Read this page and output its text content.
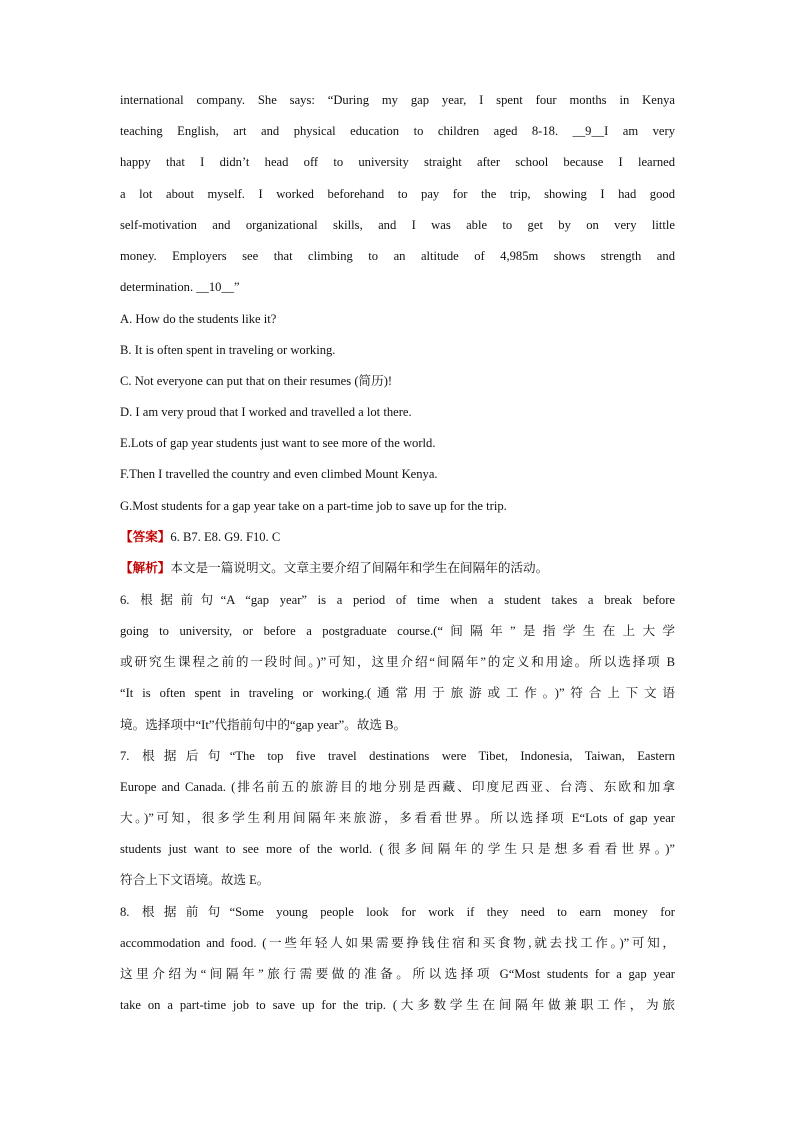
international company. She says: “During my gap year, I spent four months in Kenya
teaching English, art and physical education to children aged 8-18. __9__I am very
happy that I didn’t head off to university straight after school because I learned
a lot about myself. I worked beforehand to pay for the trip, showing I had good
self-motivation and organizational skills, and I was able to get by on very little
money. Employers see that climbing to an altitude of 4,985m shows strength and
determination. __10__”
A. How do the students like it?
B. It is often spent in traveling or working.
C. Not everyone can put that on their resumes (简历)!
D. I am very proud that I worked and travelled a lot there.
E.Lots of gap year students just want to see more of the world.
F.Then I travelled the country and even climbed Mount Kenya.
G.Most students for a gap year take on a part-time job to save up for the trip.
【答案】6. B7. E8. G9. F10. C
【解析】本文是一篇说明文。文章主要介绍了间隔年和学生在间隔年的活动。
6. 根据前句“A “gap year” is a period of time when a student takes a break before
going to university, or before a postgraduate course.(“间隔年”是指学生在上大学
或研究生课程之前的一段时间。)”可知，这里介绍“间隔年”的定义和用途。所以选择项 B
“It is often spent in traveling or working.(通常用于旅游或工作。)”符合上下文语
境。选择项中“It”代指前句中的“gap year”。故选 B。
7. 根据后句“The top five travel destinations were Tibet, Indonesia, Taiwan, Eastern
Europe and Canada. (排名前五的旅游目的地分别是西藏、印度尼西亚、台湾、东欧和加拿
大。)”可知，很多学生利用间隔年来旅游，多看看世界。所以选择项 E“Lots of gap year
students just want to see more of the world. (很多间隔年的学生只是想多看看世界。)”
符合上下文语境。故选 E。
8. 根据前句“Some young people look for work if they need to earn money for
accommodation and food. (一些年轻人如果需要挣钱住宿和买食物,就去找工作。)”可知，
这里介绍为“间隔年”旅行需要做的准备。所以选择项 G“Most students for a gap year
take on a part-time job to save up for the trip. (大多数学生在间隔年做兼职工作，为旅
